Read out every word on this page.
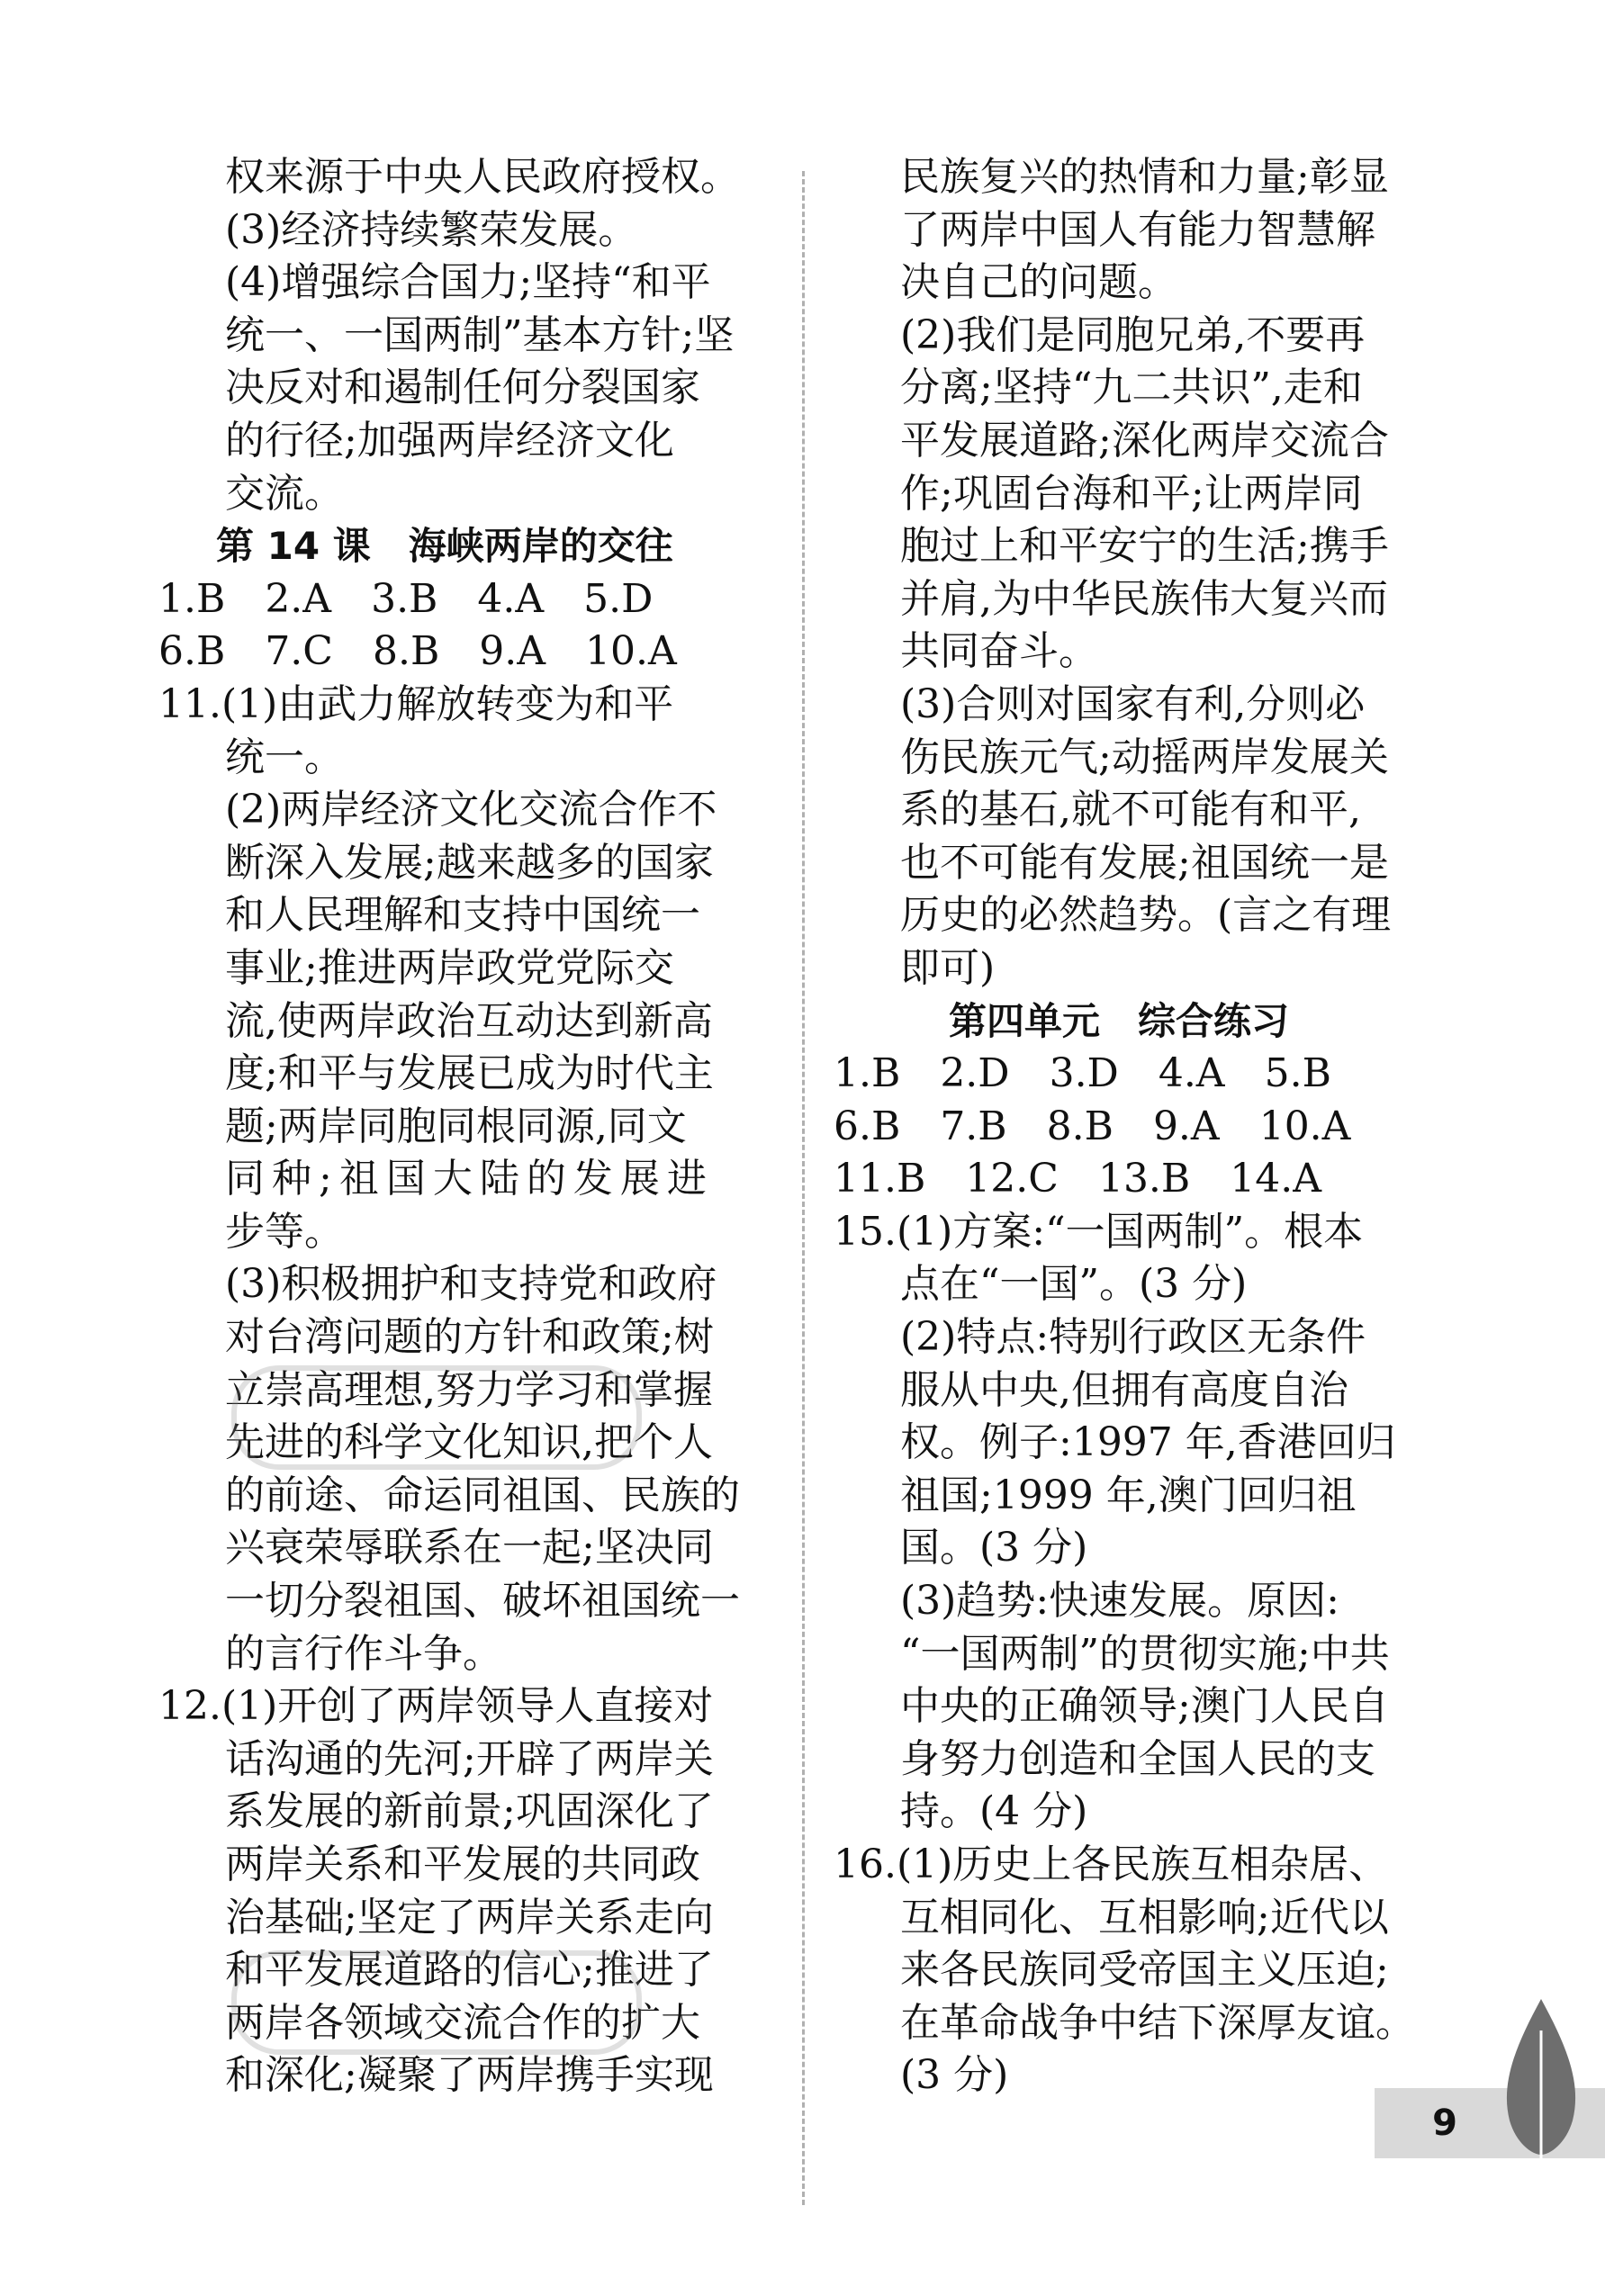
权来源于中央人民政府授权。
(3)经济持续繁荣发展。
(4)增强综合国力;坚持“和平
统一、一国两制”基本方针;坚
决反对和遏制任何分裂国家
的行径;加强两岸经济文化
交流。
第 14 课　海峡两岸的交往
1.B　2.A　3.B　4.A　5.D
6.B　7.C　8.B　9.A　10.A
11.(1)由武力解放转变为和平
统一。
(2)两岸经济文化交流合作不
断深入发展;越来越多的国家
和人民理解和支持中国统一
事业;推进两岸政党党际交
流,使两岸政治互动达到新高
度;和平与发展已成为时代主
题;两岸同胞同根同源,同文
同种;祖国大陆的发展进
步等。
(3)积极拥护和支持党和政府
对台湾问题的方针和政策;树
立崇高理想,努力学习和掌握
先进的科学文化知识,把个人
的前途、命运同祖国、民族的
兴衰荣辱联系在一起;坚决同
一切分裂祖国、破坏祖国统一
的言行作斗争。
12.(1)开创了两岸领导人直接对
话沟通的先河;开辟了两岸关
系发展的新前景;巩固深化了
两岸关系和平发展的共同政
治基础;坚定了两岸关系走向
和平发展道路的信心;推进了
两岸各领域交流合作的扩大
和深化;凝聚了两岸携手实现
民族复兴的热情和力量;彰显
了两岸中国人有能力智慧解
决自己的问题。
(2)我们是同胞兄弟,不要再
分离;坚持“九二共识”,走和
平发展道路;深化两岸交流合
作;巩固台海和平;让两岸同
胞过上和平安宁的生活;携手
并肩,为中华民族伟大复兴而
共同奋斗。
(3)合则对国家有利,分则必
伤民族元气;动摇两岸发展关
系的基石,就不可能有和平,
也不可能有发展;祖国统一是
历史的必然趋势。(言之有理
即可)
第四单元　综合练习
1.B　2.D　3.D　4.A　5.B
6.B　7.B　8.B　9.A　10.A
11.B　12.C　13.B　14.A
15.(1)方案:“一国两制”。根本
点在“一国”。(3 分)
(2)特点:特别行政区无条件
服从中央,但拥有高度自治
权。例子:1997 年,香港回归
祖国;1999 年,澳门回归祖
国。(3 分)
(3)趋势:快速发展。原因:
“一国两制”的贯彻实施;中共
中央的正确领导;澳门人民自
身努力创造和全国人民的支
持。(4 分)
16.(1)历史上各民族互相杂居、
互相同化、互相影响;近代以
来各民族同受帝国主义压迫;
在革命战争中结下深厚友谊。
(3 分)
9
